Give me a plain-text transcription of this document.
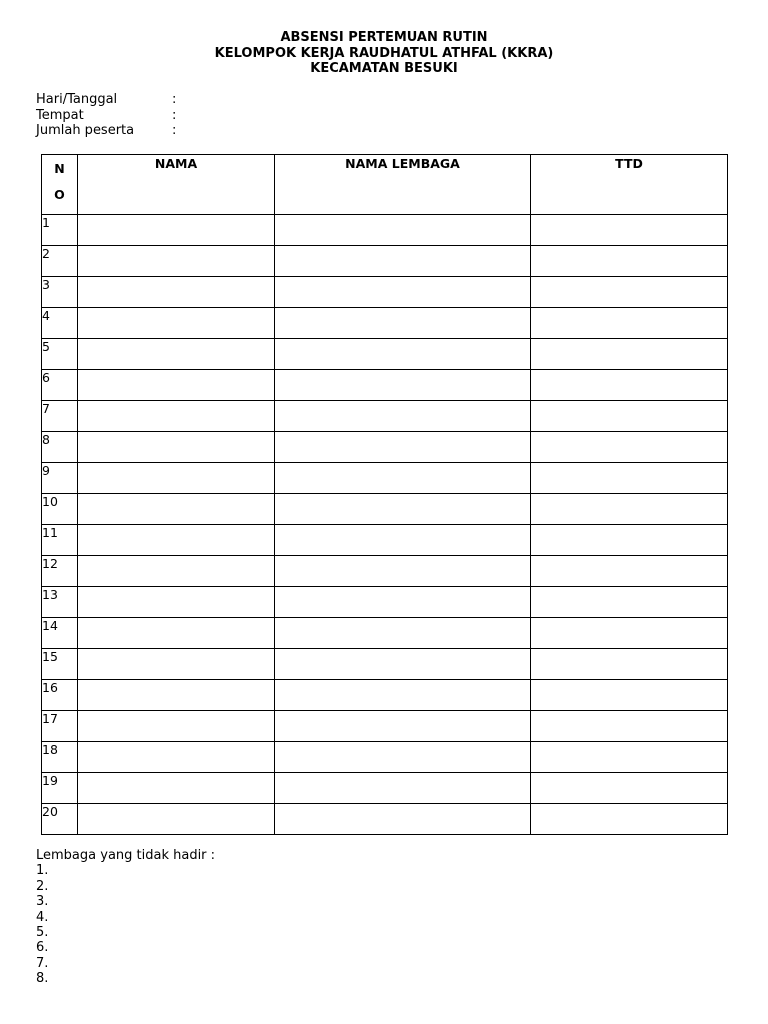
ABSENSI PERTEMUAN RUTIN
KELOMPOK KERJA RAUDHATUL ATHFAL (KKRA)
KECAMATAN BESUKI
Hari/Tanggal	:
Tempat	:
Jumlah peserta	:
N
O	NAMA	NAMA LEMBAGA	TTD
1			
2			
3			
4			
5			
6			
7			
8			
9			
10			
11			
12			
13			
14			
15			
16			
17			
18			
19			
20			
Lembaga yang tidak hadir :
1.
2.
3.
4.
5.
6.
7.
8.
